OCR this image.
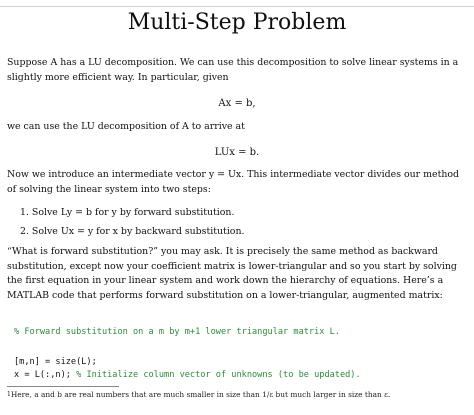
Multi-Step Problem
Suppose A has a LU decomposition. We can use this decomposition to solve linear systems in a slightly more efficient way. In particular, given
Ax = b,
we can use the LU decomposition of A to arrive at
LUx = b.
Now we introduce an intermediate vector y = Ux. This intermediate vector divides our method of solving the linear system into two steps:
1. Solve Ly = b for y by forward substitution.
2. Solve Ux = y for x by backward substitution.
“What is forward substitution?” you may ask. It is precisely the same method as backward substitution, except now your coefficient matrix is lower-triangular and so you start by solving the first equation in your linear system and work down the hierarchy of equations. Here’s a MATLAB code that performs forward substitution on a lower-triangular, augmented matrix:
% Forward substitution on a m by m+1 lower triangular matrix L.
[m,n] = size(L);
x = L(:,n); % Initialize column vector of unknowns (to be updated).
$^1$Here, a and b are real numbers that are much smaller in size than 1/ε but much larger in size than ε.
